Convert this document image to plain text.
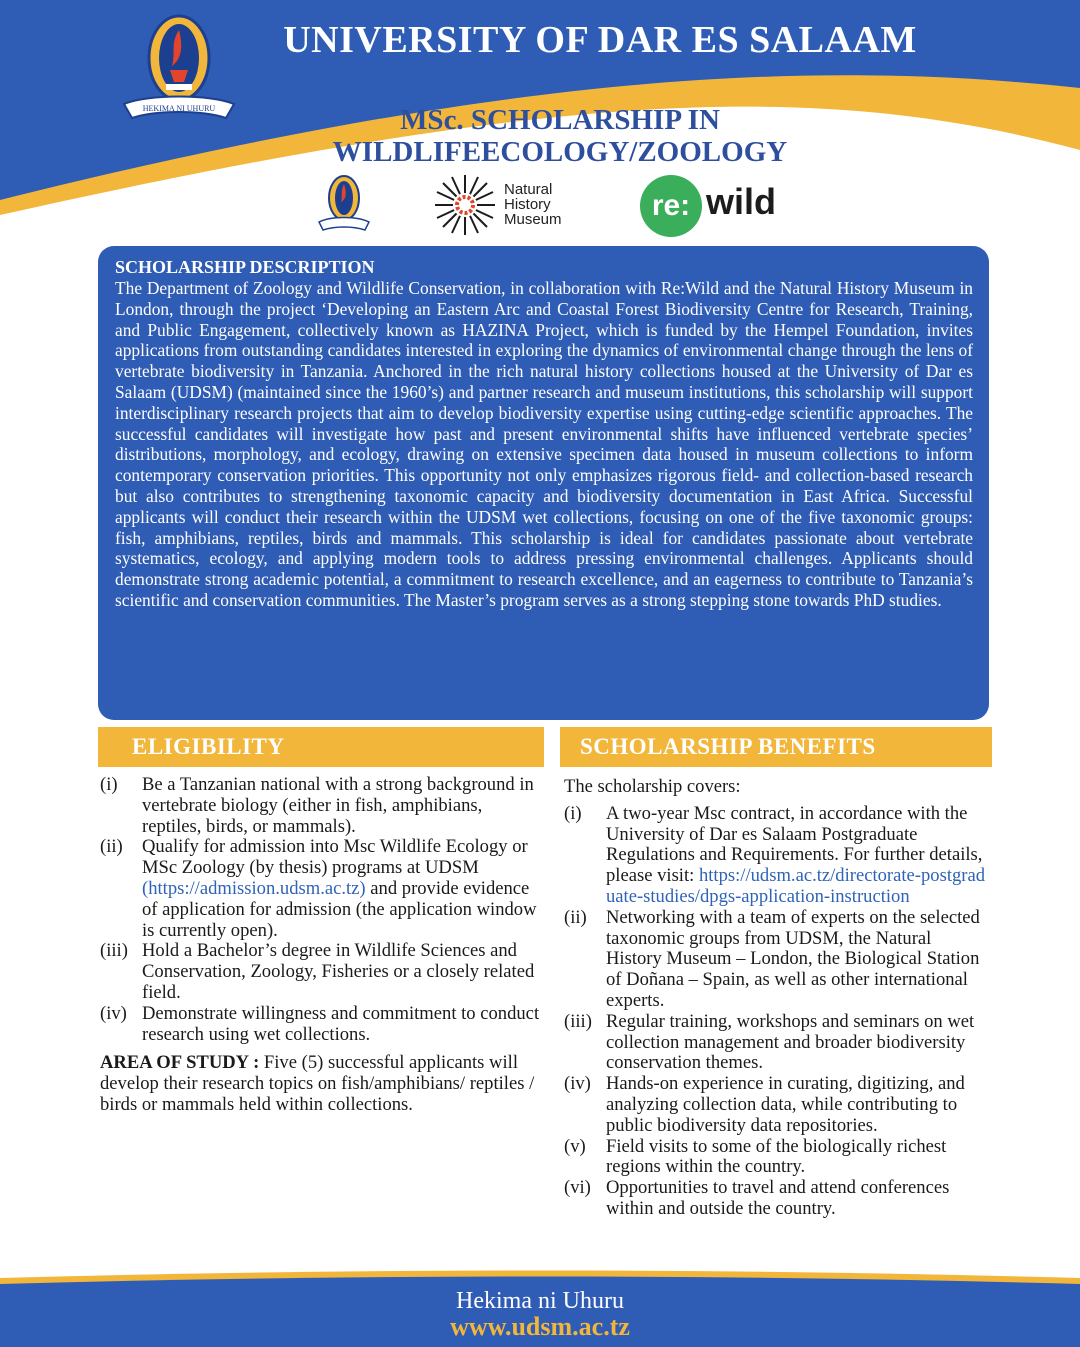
HEKIMA NI UHURU
UNIVERSITY OF DAR ES SALAAM
MSc. SCHOLARSHIP IN
WILDLIFEECOLOGY/ZOOLOGY
Natural
History
Museum	re: wild
SCHOLARSHIP DESCRIPTION

The Department of Zoology and Wildlife Conservation, in collaboration with Re:Wild and the Natural History Museum in London, through the project ‘Developing an Eastern Arc and Coastal Forest Biodiversity Centre for Research, Training, and Public Engagement, collectively known as HAZINA Project, which is funded by the Hempel Foundation, invites applications from outstanding candidates interested in exploring the dynamics of environmental change through the lens of vertebrate biodiversity in Tanzania. Anchored in the rich natural history collections housed at the University of Dar es Salaam (UDSM) (maintained since the 1960’s) and partner research and museum institutions, this scholarship will support interdisciplinary research projects that aim to develop biodiversity expertise using cutting-edge scientific approaches. The successful candidates will investigate how past and present environmental shifts have influenced vertebrate species’ distributions, morphology, and ecology, drawing on extensive specimen data housed in museum collections to inform contemporary conservation priorities. This opportunity not only emphasizes rigorous field- and collection-based research but also contributes to strengthening taxonomic capacity and biodiversity documentation in East Africa. Successful applicants will conduct their research within the UDSM wet collections, focusing on one of the five taxonomic groups: fish, amphibians, reptiles, birds and mammals. This scholarship is ideal for candidates passionate about vertebrate systematics, ecology, and applying modern tools to address pressing environmental challenges. Applicants should demonstrate strong academic potential, a commitment to research excellence, and an eagerness to contribute to Tanzania’s scientific and conservation communities. The Master’s program serves as a strong stepping stone towards PhD studies.

ELIGIBILITY	SCHOLARSHIP BENEFITS
(i)	Be a Tanzanian national with a strong background in vertebrate biology (either in fish, amphibians, reptiles, birds, or mammals).
(ii)	Qualify for admission into Msc Wildlife Ecology or MSc Zoology (by thesis) programs at UDSM (https://admission.udsm.ac.tz) and provide evidence of application for admission (the application window is currently open).
(iii) Hold a Bachelor’s degree in Wildlife Sciences and Conservation, Zoology, Fisheries or a closely related field.
(iv) Demonstrate willingness and commitment to conduct research using wet collections.
AREA OF STUDY : Five (5) successful applicants will develop their research topics on fish/amphibians/ reptiles / birds or mammals held within collections.
The scholarship covers:
(i)	A two-year Msc contract, in accordance with the University of Dar es Salaam Postgraduate Regulations and Requirements. For further details, please visit: https://udsm.ac.tz/directorate-postgraduate-studies/dpgs-application-instruction
(ii)	Networking with a team of experts on the selected taxonomic groups from UDSM, the Natural History Museum – London, the Biological Station of Doñana – Spain, as well as other international experts.
(iii) Regular training, workshops and seminars on wet collection management and broader biodiversity conservation themes.
(iv) Hands-on experience in curating, digitizing, and analyzing collection data, while contributing to public biodiversity data repositories.
(v)	Field visits to some of the biologically richest regions within the country.
(vi) Opportunities to travel and attend conferences within and outside the country.
Hekima ni Uhuru
www.udsm.ac.tz
